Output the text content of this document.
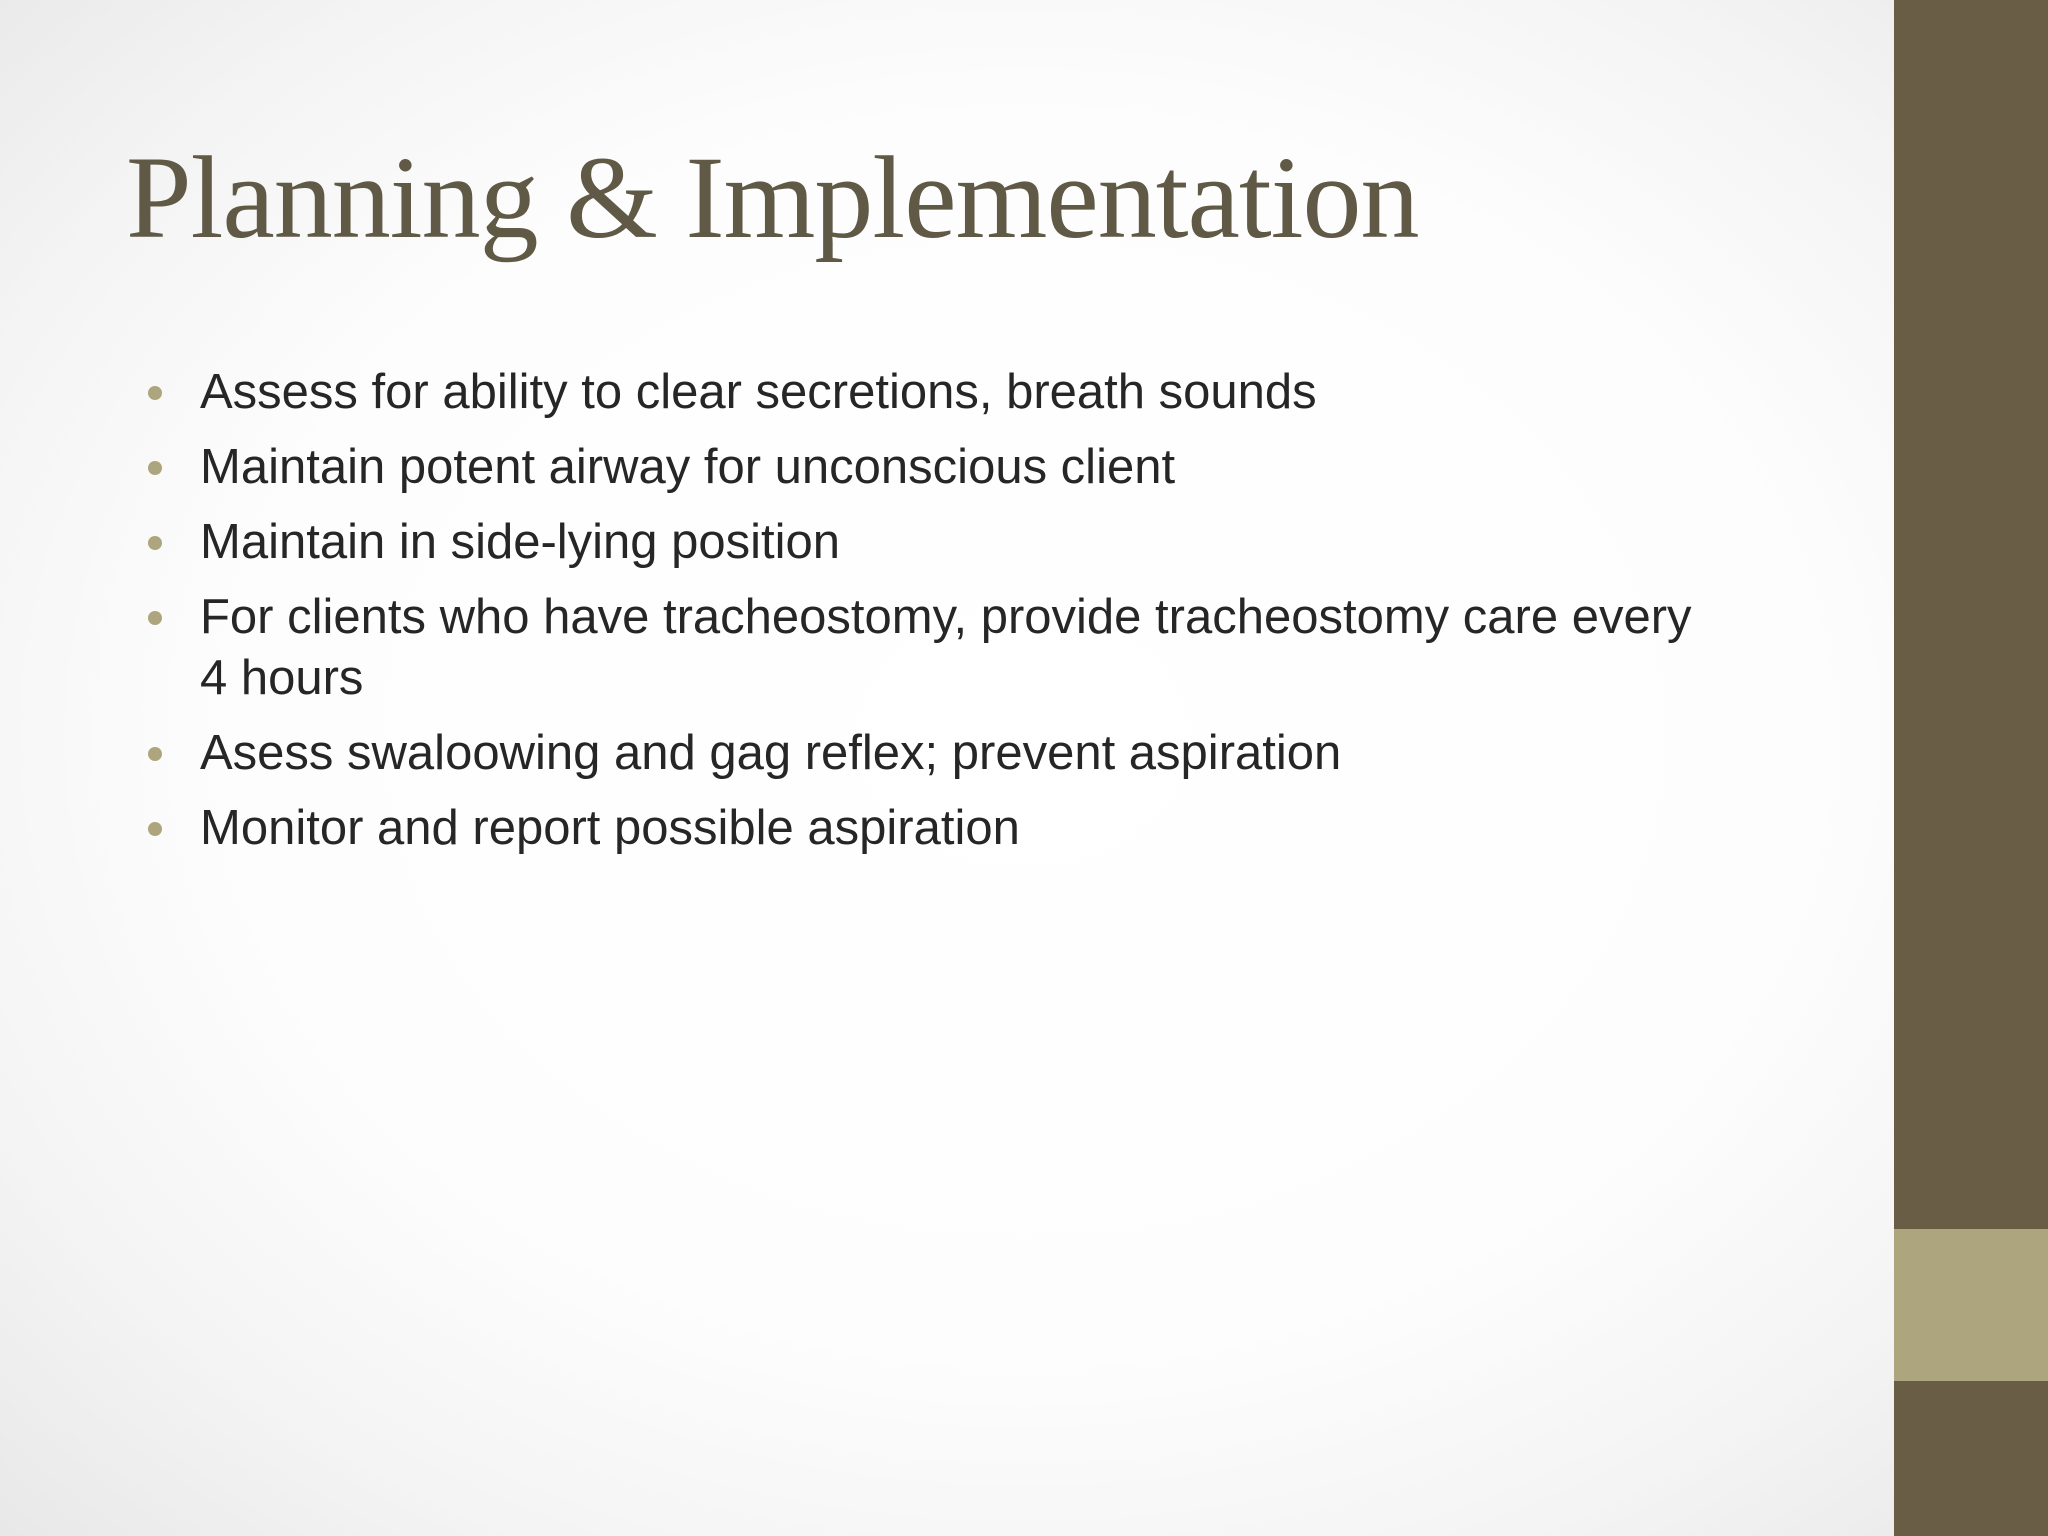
Planning & Implementation
Assess for ability to clear secretions, breath sounds
Maintain potent airway for unconscious client
Maintain in side-lying position
For clients who have tracheostomy, provide tracheostomy care every 4 hours
Asess swaloowing and gag reflex; prevent aspiration
Monitor and report possible aspiration
